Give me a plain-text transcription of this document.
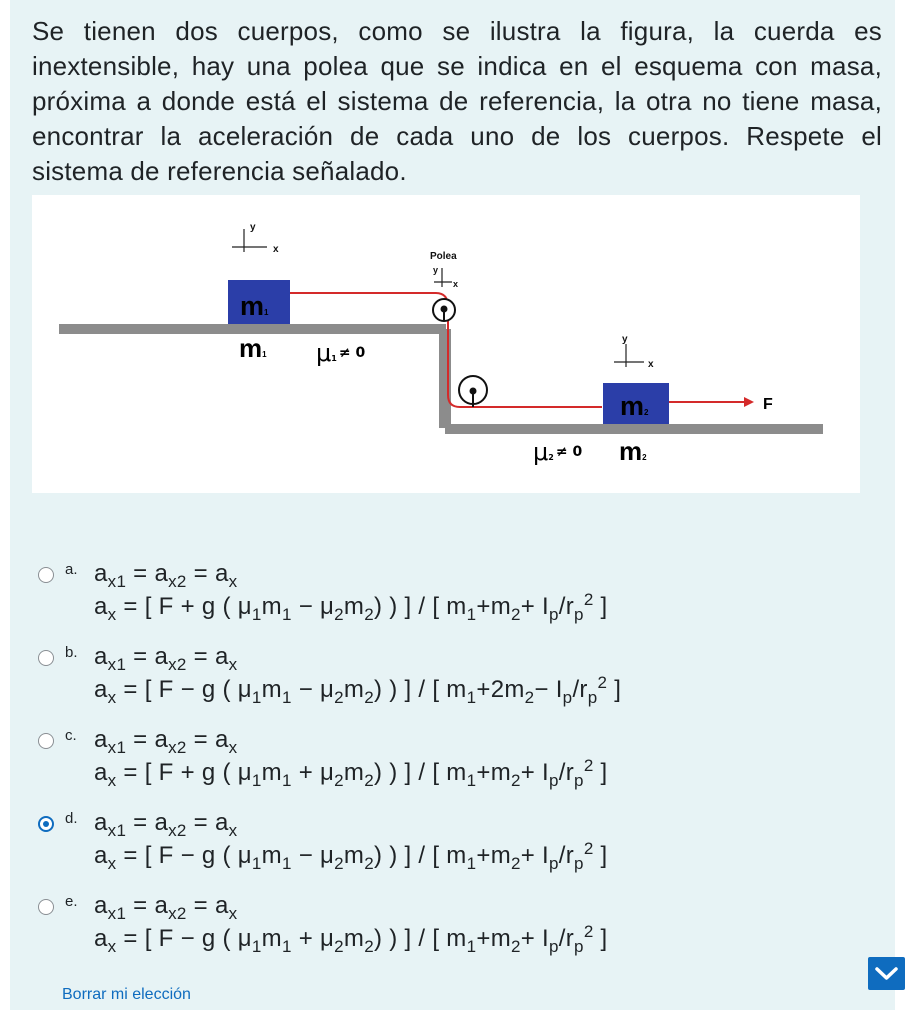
Se tienen dos cuerpos, como se ilustra la figura, la cuerda es inextensible, hay una polea que se indica en el esquema con masa, próxima a donde está el sistema de referencia, la otra no tiene masa, encontrar la aceleración de cada uno de los cuerpos. Respete el sistema de referencia señalado.
y
x
Polea
y
x
y
x
m1
m1 μ1 ≠ 0
m2	F
μ2 ≠ 0 m2
a. $a_{x1} = a_{x2} = a_x$
$a_x$ = [ F + g ( $\mu_1m_1 - \mu_2m_2$) ) ] / [ $m_1+m_2+ I_p/r_p^2$ ]
b. $a_{x1} = a_{x2} = a_x$
$a_x$ = [ F − g ( $\mu_1m_1 - \mu_2m_2$) ) ] / [ $m_1+2m_2- I_p/r_p^2$ ]
c. $a_{x1} = a_{x2} = a_x$
$a_x$ = [ F + g ( $\mu_1m_1 + \mu_2m_2$) ) ] / [ $m_1+m_2+ I_p/r_p^2$ ]
d. $a_{x1} = a_{x2} = a_x$
$a_x$ = [ F − g ( $\mu_1m_1 - \mu_2m_2$) ) ] / [ $m_1+m_2+ I_p/r_p^2$ ]
e. $a_{x1} = a_{x2} = a_x$
$a_x$ = [ F − g ( $\mu_1m_1 + \mu_2m_2$) ) ] / [ $m_1+m_2+ I_p/r_p^2$ ]
Borrar mi elección
